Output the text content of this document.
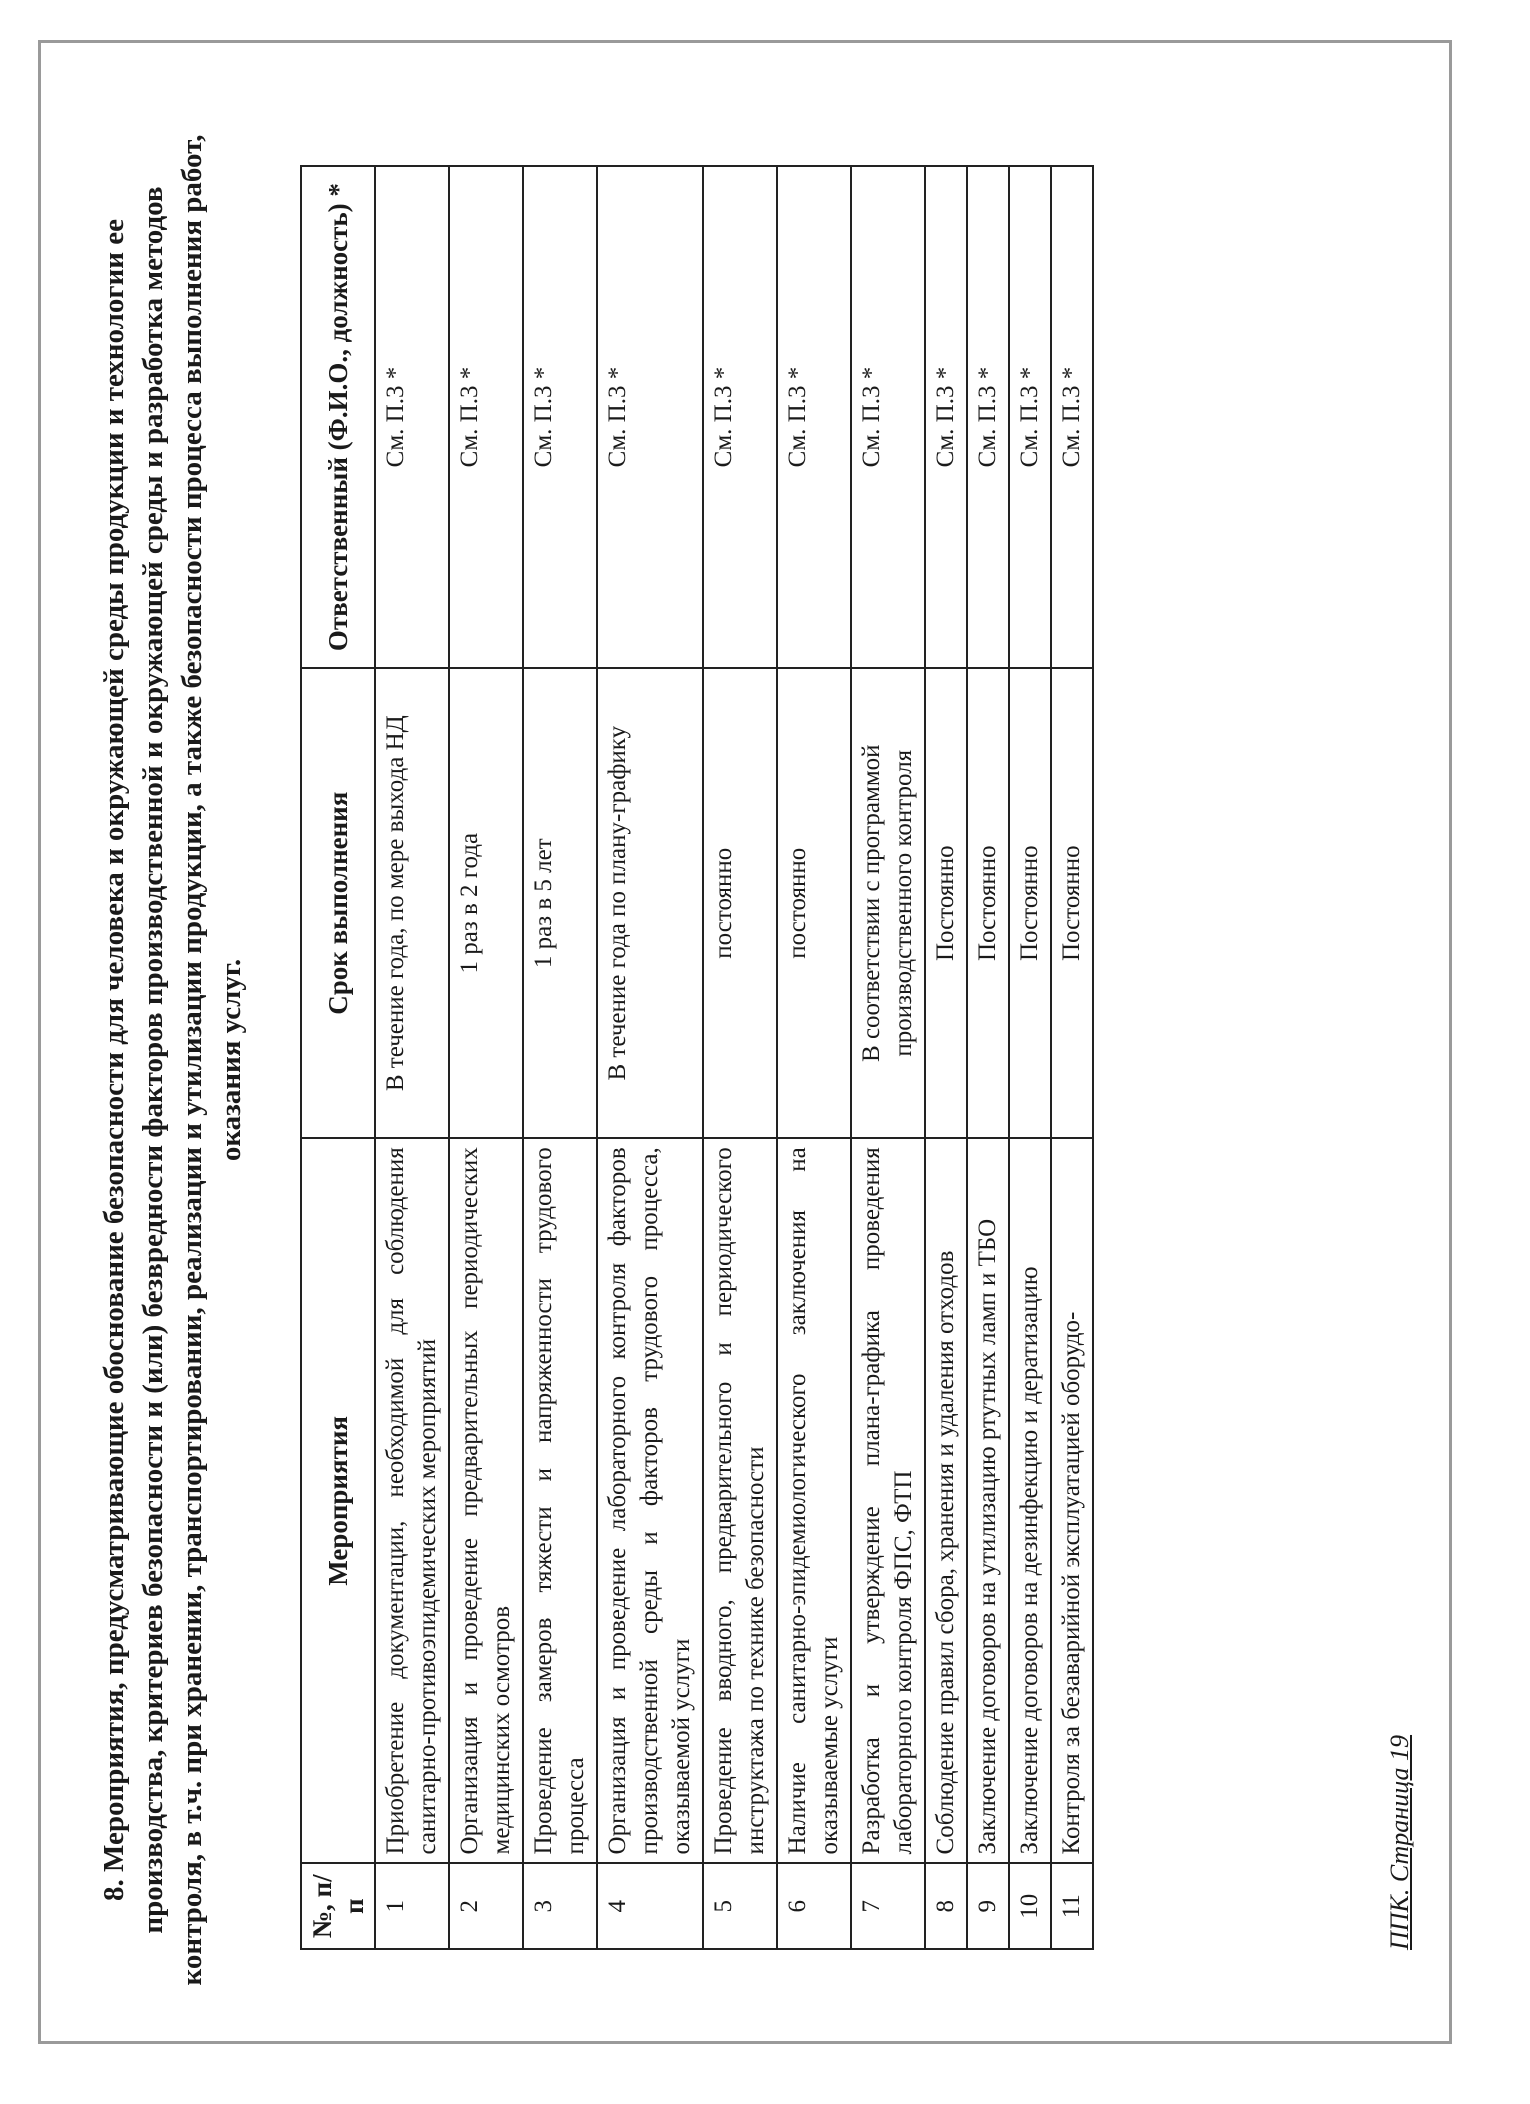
8. Мероприятия, предусматривающие обоснование безопасности для человека и окружающей среды продукции и технологии ее производства, критериев безопасности и (или) безвредности факторов производственной и окружающей среды и разработка методов контроля, в т.ч. при хранении, транспортировании, реализации и утилизации продукции, а также безопасности процесса выполнения работ, оказания услуг.

№, п/п	Мероприятия	Срок выполнения	Ответственный (Ф.И.О., должность) *
1	Приобретение документации, необходимой для соблюдения санитарно-противоэпидемических мероприятий	В течение года, по мере выхода НД	См. П.3 *
2	Организация и проведение предварительных периодических медицинских осмотров	1 раз в 2 года	См. П.3 *
3	Проведение замеров тяжести и напряженности трудового процесса	1 раз в 5 лет	См. П.3 *
4	Организация и проведение лабораторного контроля факторов производственной среды и факторов трудового процесса, оказываемой услуги	В течение года по плану-графику	См. П.3 *
5	Проведение вводного, предварительного и периодического инструктажа по технике безопасности	постоянно	См. П.3 *
6	Наличие санитарно-эпидемиологического заключения на оказываемые услуги	постоянно	См. П.3 *
7	Разработка и утверждение плана-графика проведения лабораторного контроля ФПС, ФТП	В соответствии с программой производственного контроля	См. П.3 *
8	Соблюдение правил сбора, хранения и удаления отходов	Постоянно	См. П.3 *
9	Заключение договоров на утилизацию ртутных ламп и ТБО	Постоянно	См. П.3 *
10	Заключение договоров на дезинфекцию и дератизацию	Постоянно	См. П.3 *
11	Контроля за безаварийной эксплуатацией оборудо-	Постоянно	См. П.3 *
ППК. Страница 19
